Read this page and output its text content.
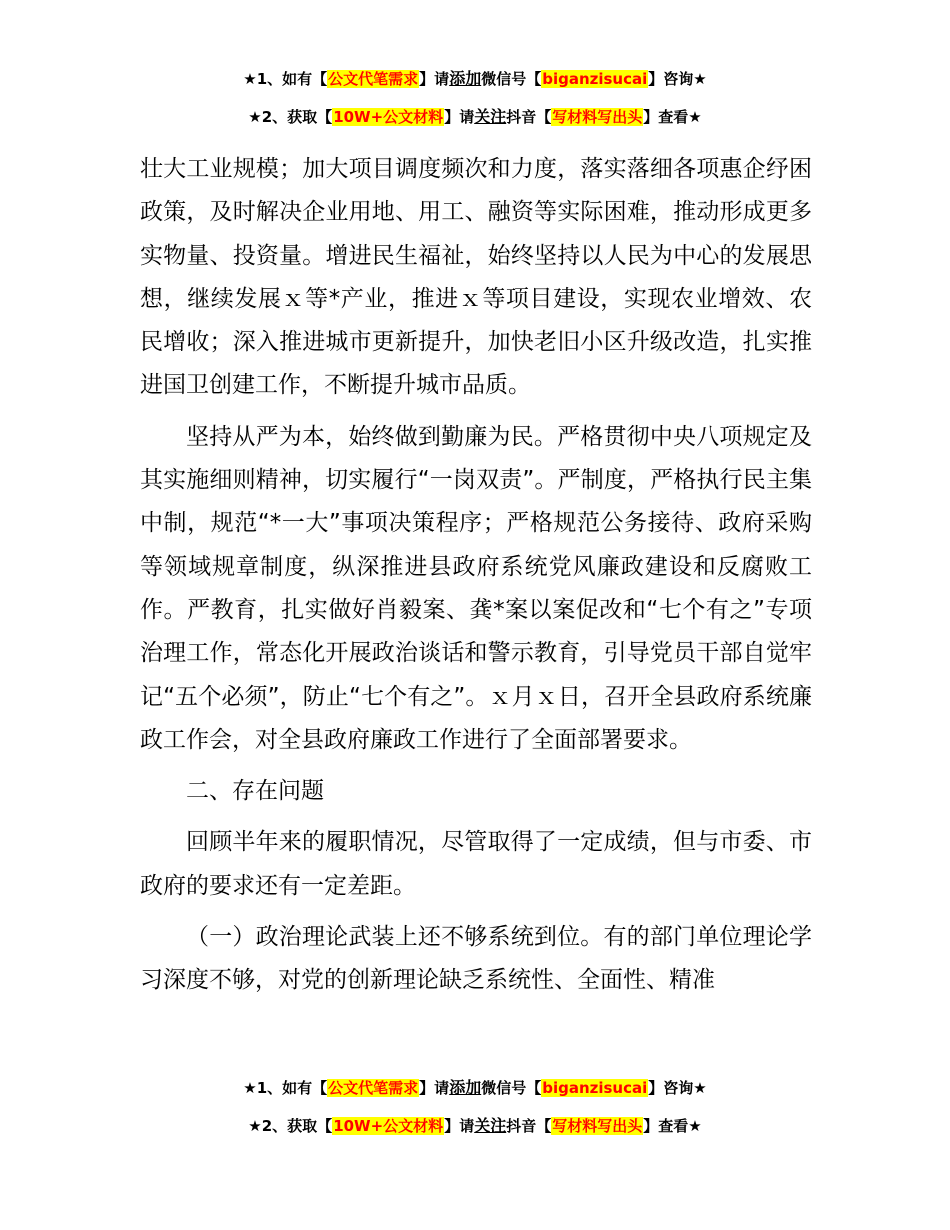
★1、如有【公文代笔需求】请添加微信号【biganzisucai】咨询★
★2、获取【10W+公文材料】请关注抖音【写材料写出头】查看★

壮大工业规模；加大项目调度频次和力度，落实落细各项惠企纾困政策，及时解决企业用地、用工、融资等实际困难，推动形成更多实物量、投资量。增进民生福祉，始终坚持以人民为中心的发展思想，继续发展ｘ等*产业，推进ｘ等项目建设，实现农业增效、农民增收；深入推进城市更新提升，加快老旧小区升级改造，扎实推进国卫创建工作，不断提升城市品质。

坚持从严为本，始终做到勤廉为民。严格贯彻中央八项规定及其实施细则精神，切实履行“一岗双责”。严制度，严格执行民主集中制，规范“*一大”事项决策程序；严格规范公务接待、政府采购等领域规章制度，纵深推进县政府系统党风廉政建设和反腐败工作。严教育，扎实做好肖毅案、龚*案以案促改和“七个有之”专项治理工作，常态化开展政治谈话和警示教育，引导党员干部自觉牢记“五个必须”，防止“七个有之”。ｘ月ｘ日，召开全县政府系统廉政工作会，对全县政府廉政工作进行了全面部署要求。

二、存在问题

回顾半年来的履职情况，尽管取得了一定成绩，但与市委、市政府的要求还有一定差距。

（一）政治理论武装上还不够系统到位。有的部门单位理论学习深度不够，对党的创新理论缺乏系统性、全面性、精准

★1、如有【公文代笔需求】请添加微信号【biganzisucai】咨询★
★2、获取【10W+公文材料】请关注抖音【写材料写出头】查看★
